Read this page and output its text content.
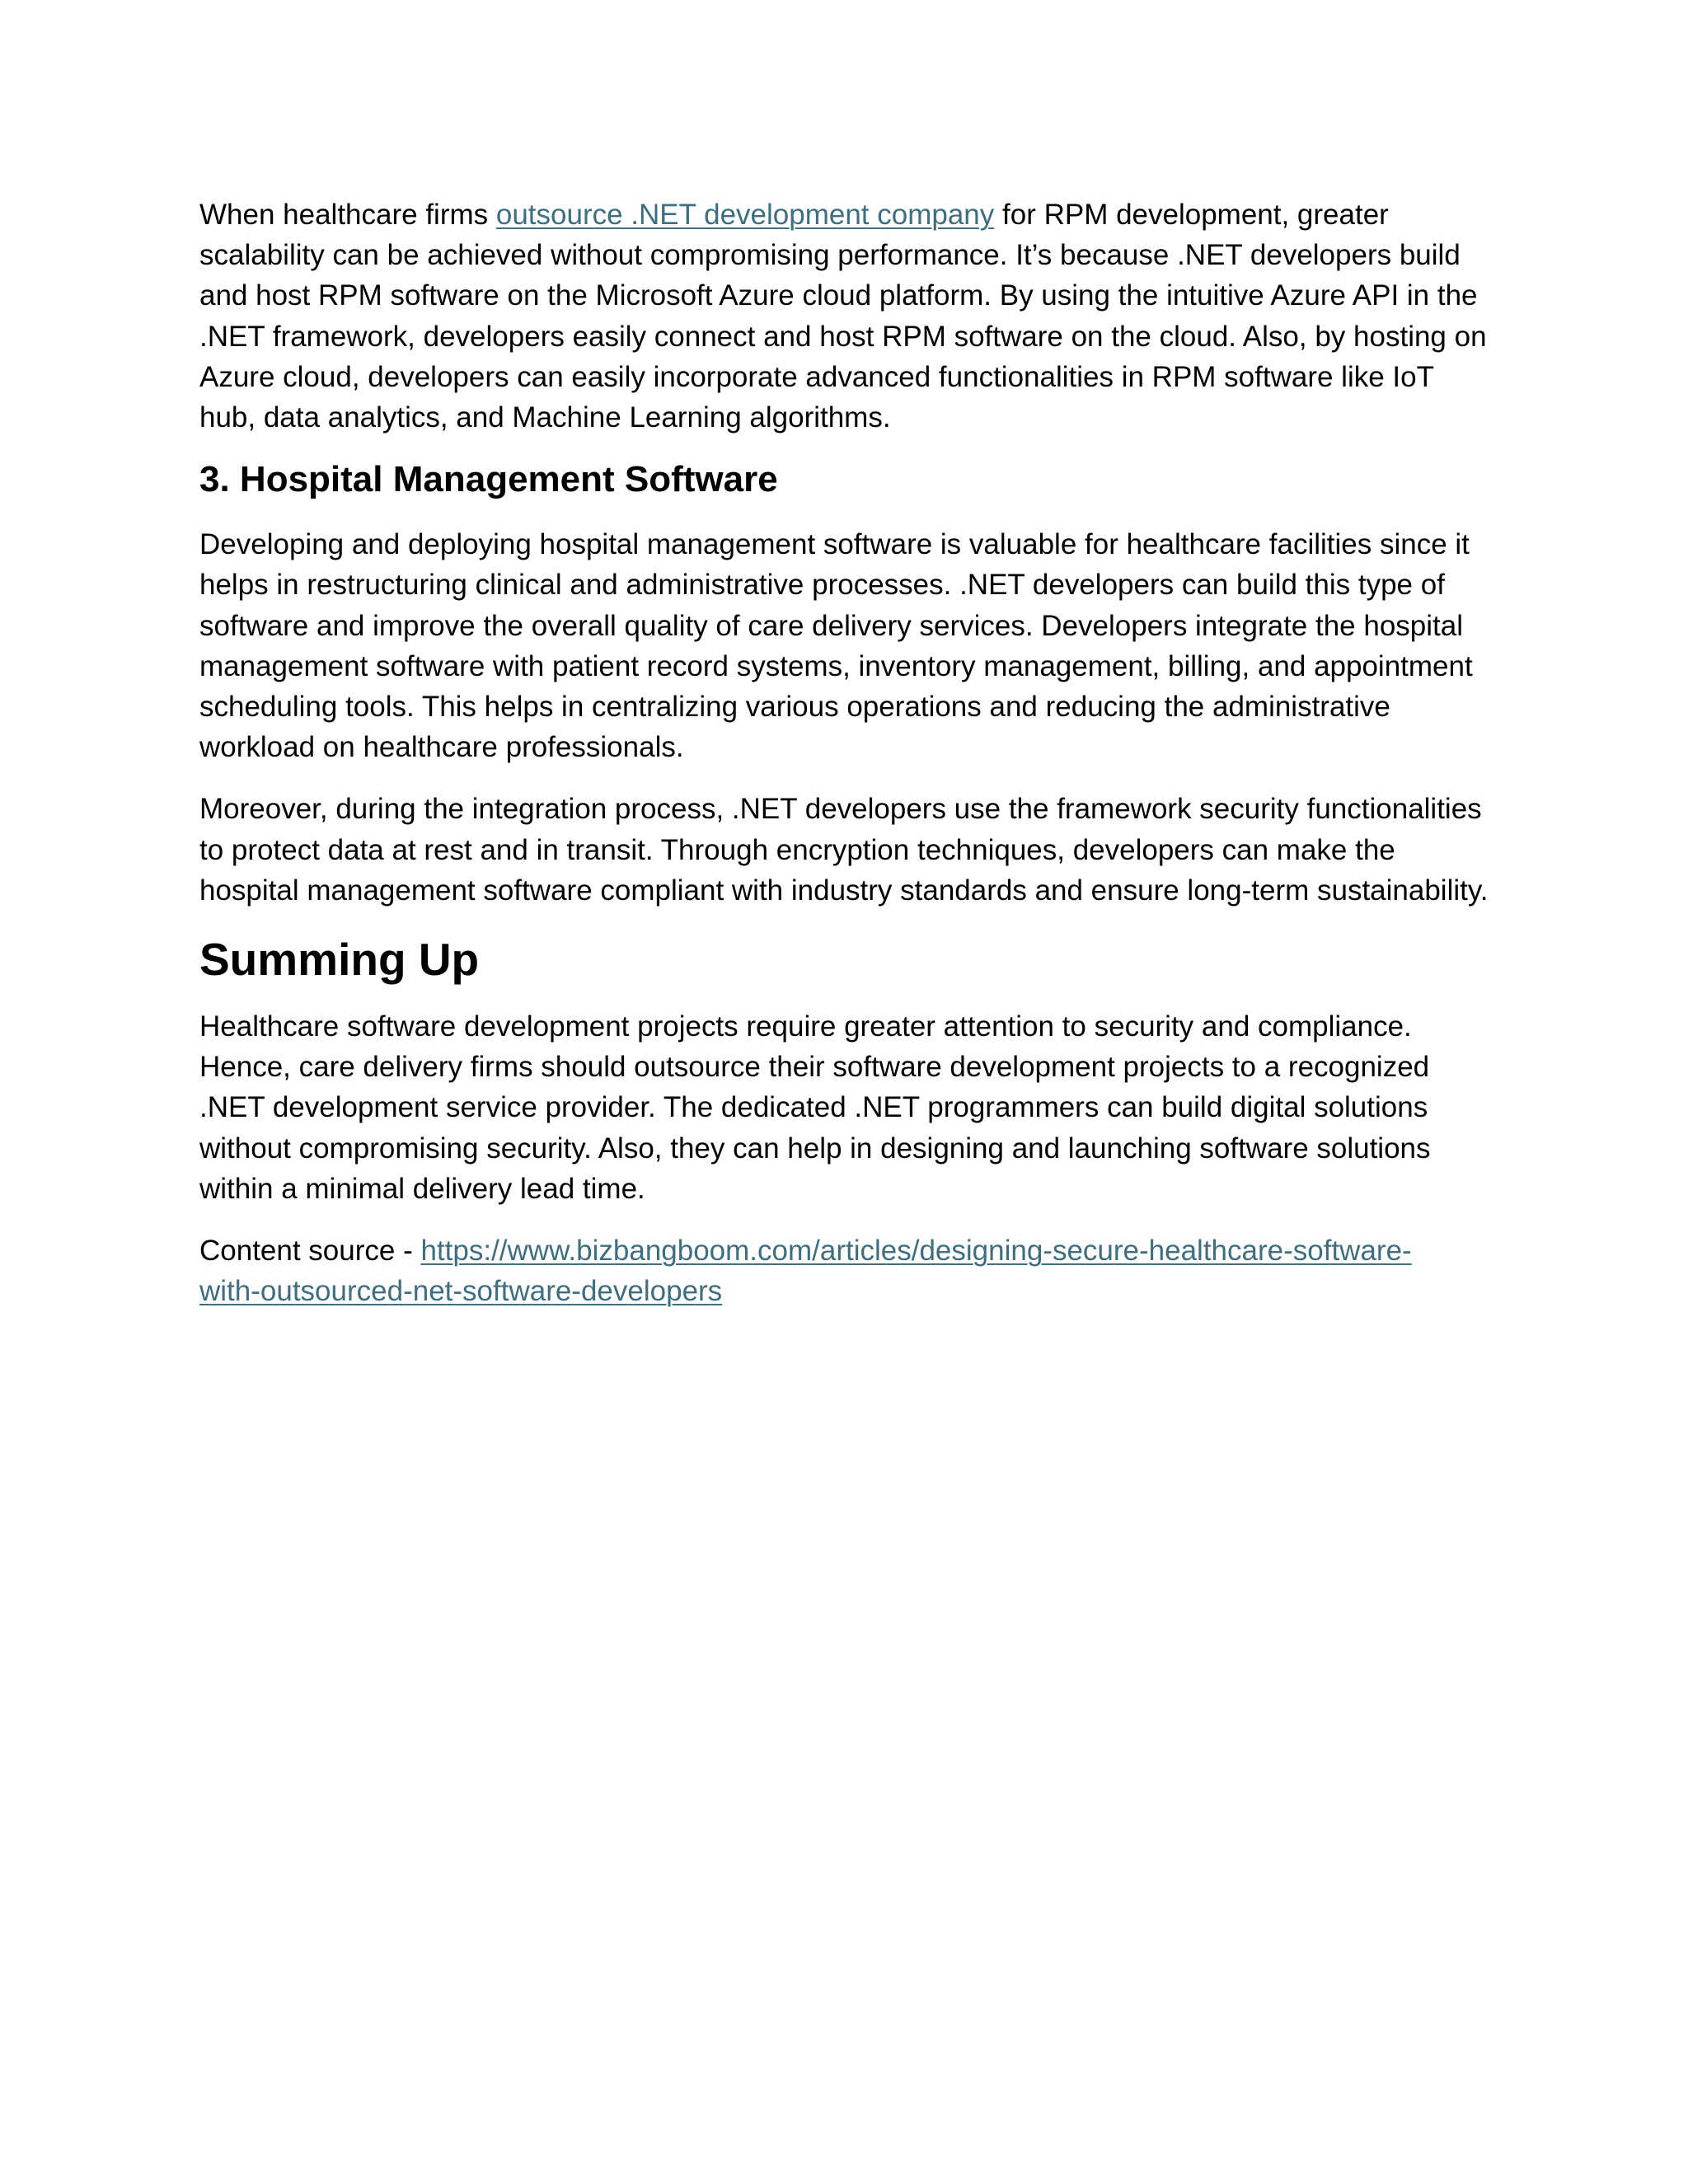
When healthcare firms outsource .NET development company for RPM development, greater scalability can be achieved without compromising performance. It’s because .NET developers build and host RPM software on the Microsoft Azure cloud platform. By using the intuitive Azure API in the .NET framework, developers easily connect and host RPM software on the cloud. Also, by hosting on Azure cloud, developers can easily incorporate advanced functionalities in RPM software like IoT hub, data analytics, and Machine Learning algorithms.

3. Hospital Management Software

Developing and deploying hospital management software is valuable for healthcare facilities since it helps in restructuring clinical and administrative processes. .NET developers can build this type of software and improve the overall quality of care delivery services. Developers integrate the hospital management software with patient record systems, inventory management, billing, and appointment scheduling tools. This helps in centralizing various operations and reducing the administrative workload on healthcare professionals.

Moreover, during the integration process, .NET developers use the framework security functionalities to protect data at rest and in transit. Through encryption techniques, developers can make the hospital management software compliant with industry standards and ensure long-term sustainability.

Summing Up

Healthcare software development projects require greater attention to security and compliance. Hence, care delivery firms should outsource their software development projects to a recognized .NET development service provider. The dedicated .NET programmers can build digital solutions without compromising security. Also, they can help in designing and launching software solutions within a minimal delivery lead time.

Content source - https://www.bizbangboom.com/articles/designing-secure-healthcare-software-
with-outsourced-net-software-developers
